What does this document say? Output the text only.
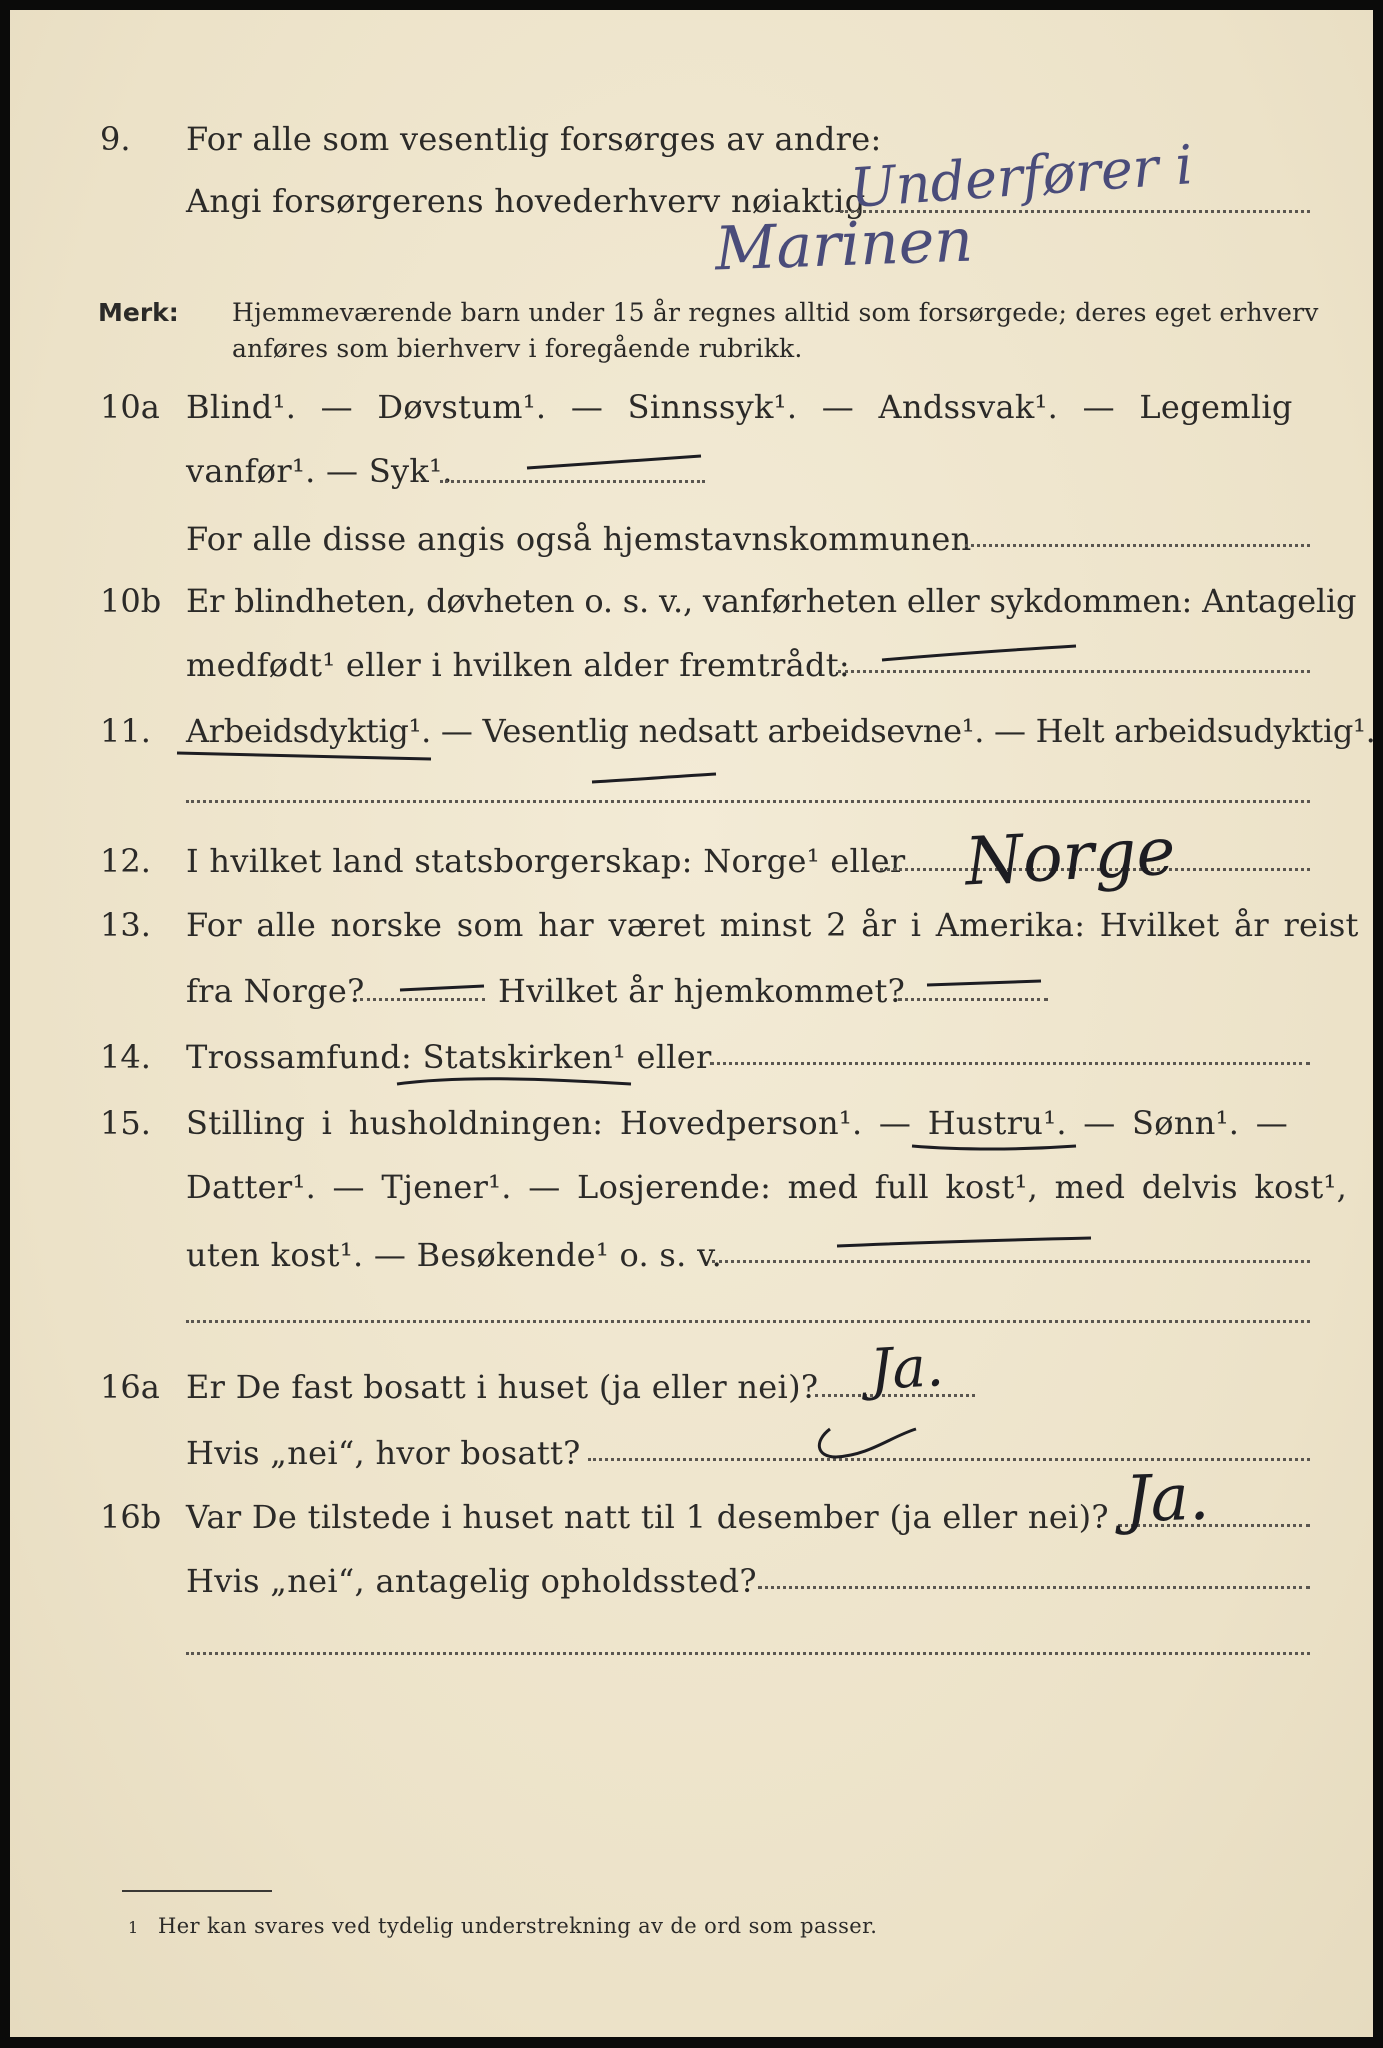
9. For alle som vesentlig forsørges av andre:
Angi forsørgerens hovederhverv nøiaktig
Underfører i
Marinen
Merk: Hjemmeværende barn under 15 år regnes alltid som forsørgede; deres eget erhverv
anføres som bierhverv i foregående rubrikk.
10a Blind¹. — Døvstum¹. — Sinnssyk¹. — Andssvak¹. — Legemlig
vanfør¹. — Syk¹.
For alle disse angis også hjemstavnskommunen
10b Er blindheten, døvheten o. s. v., vanførheten eller sykdommen: Antagelig
medfødt¹ eller i hvilken alder fremtrådt:
11. Arbeidsdyktig¹. — Vesentlig nedsatt arbeidsevne¹. — Helt arbeidsudyktig¹.
12. I hvilket land statsborgerskap: Norge¹ eller Norge
13. For alle norske som har været minst 2 år i Amerika: Hvilket år reist
fra Norge?	Hvilket år hjemkommet?
14. Trossamfund: Statskirken¹ eller
15. Stilling i husholdningen: Hovedperson¹. — Hustru¹. — Sønn¹. —
Datter¹. — Tjener¹. — Losjerende: med full kost¹, med delvis kost¹,
uten kost¹. — Besøkende¹ o. s. v.
16a Er De fast bosatt i huset (ja eller nei)? Ja.
Hvis „nei“, hvor bosatt?
16b Var De tilstede i huset natt til 1 desember (ja eller nei)? Ja.
Hvis „nei“, antagelig opholdssted?
1 Her kan svares ved tydelig understrekning av de ord som passer.
